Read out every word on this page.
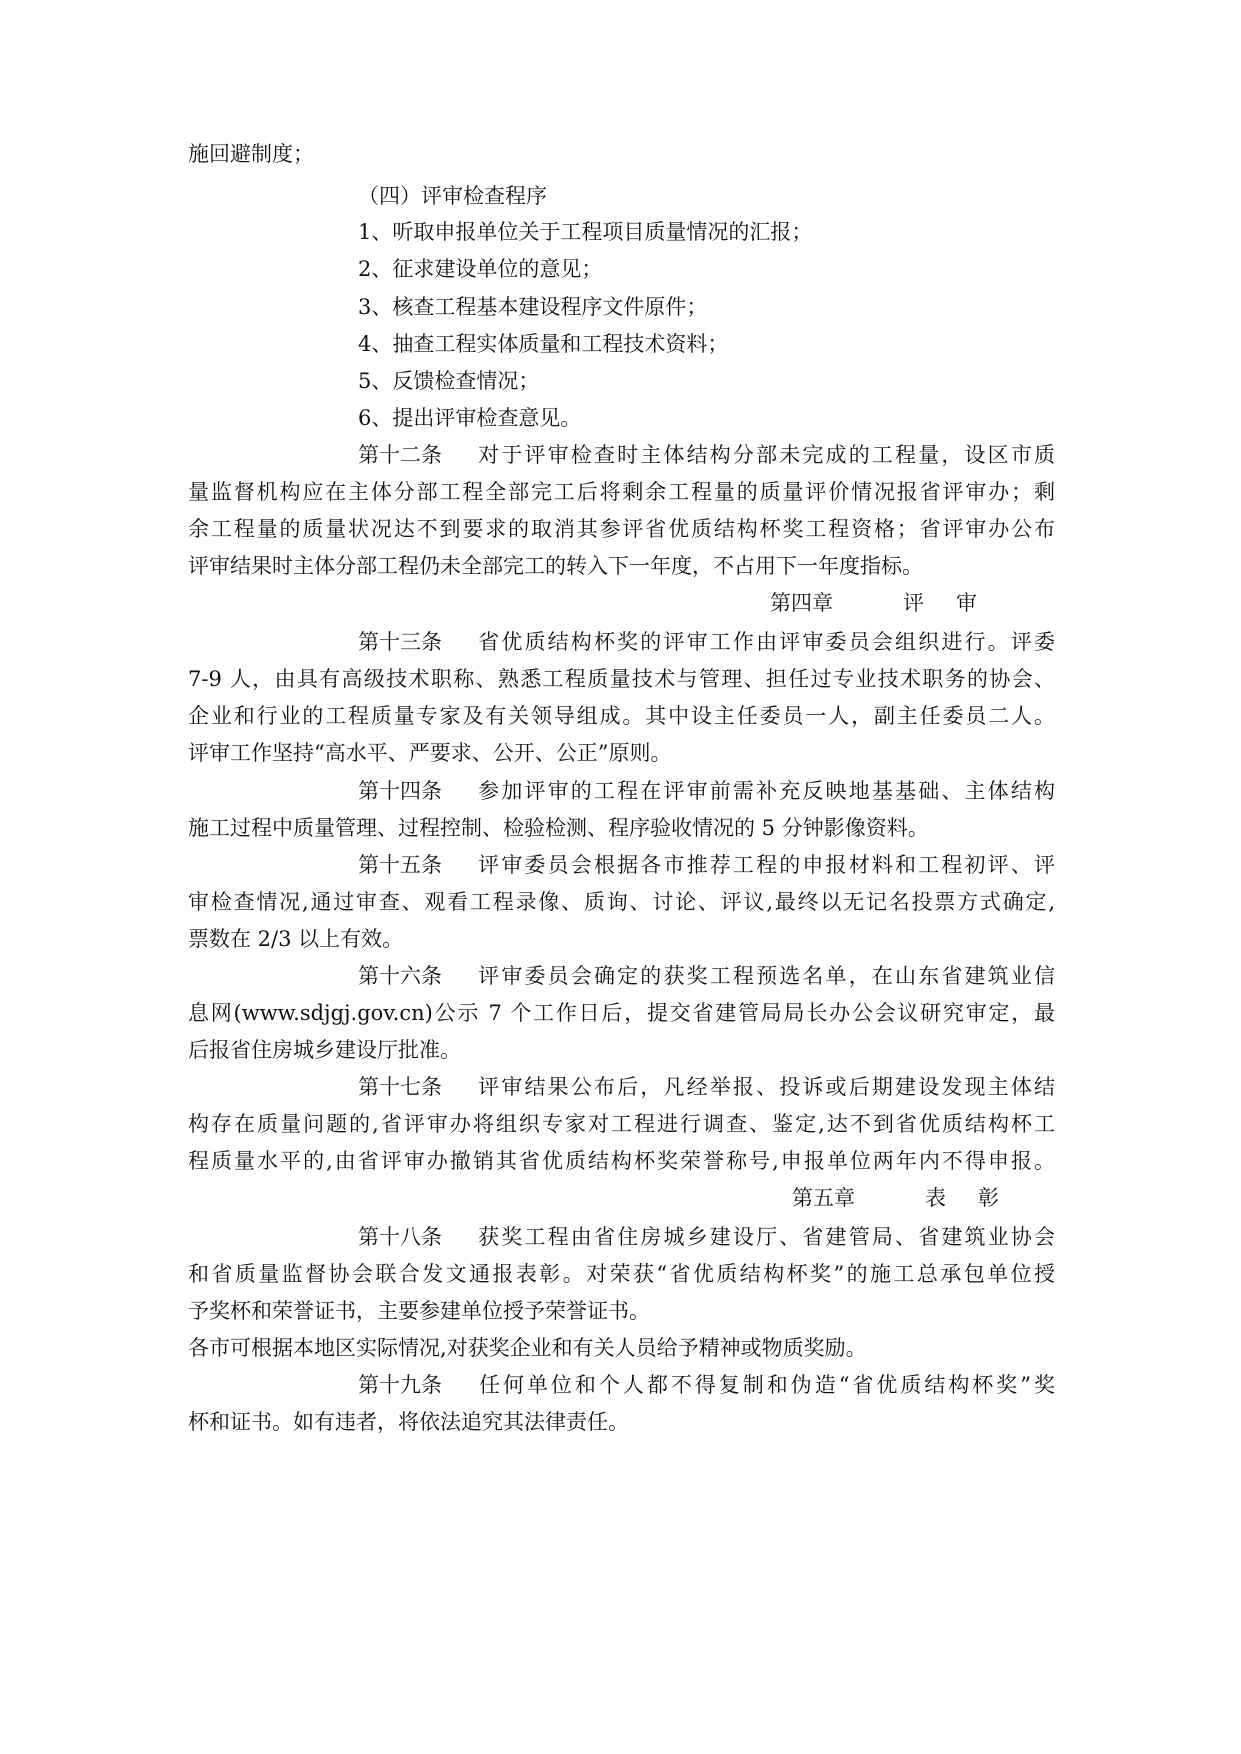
施回避制度；
（四）评审检查程序
1、听取申报单位关于工程项目质量情况的汇报；
2、征求建设单位的意见；
3、核查工程基本建设程序文件原件；
4、抽查工程实体质量和工程技术资料；
5、反馈检查情况；
6、提出评审检查意见。
第十二条 对于评审检查时主体结构分部未完成的工程量，设区市质
量监督机构应在主体分部工程全部完工后将剩余工程量的质量评价情况报省评审办；剩
余工程量的质量状况达不到要求的取消其参评省优质结构杯奖工程资格；省评审办公布
评审结果时主体分部工程仍未全部完工的转入下一年度，不占用下一年度指标。
第四章	评 审
第十三条 省优质结构杯奖的评审工作由评审委员会组织进行。评委
7-9 人，由具有高级技术职称、熟悉工程质量技术与管理、担任过专业技术职务的协会、
企业和行业的工程质量专家及有关领导组成。其中设主任委员一人，副主任委员二人。
评审工作坚持“高水平、严要求、公开、公正”原则。
第十四条 参加评审的工程在评审前需补充反映地基基础、主体结构
施工过程中质量管理、过程控制、检验检测、程序验收情况的 5 分钟影像资料。
第十五条 评审委员会根据各市推荐工程的申报材料和工程初评、评
审检查情况,通过审查、观看工程录像、质询、讨论、评议,最终以无记名投票方式确定,
票数在 2/3 以上有效。
第十六条 评审委员会确定的获奖工程预选名单，在山东省建筑业信
息网(www.sdjgj.gov.cn)公示 7 个工作日后，提交省建管局局长办公会议研究审定，最
后报省住房城乡建设厅批准。
第十七条 评审结果公布后，凡经举报、投诉或后期建设发现主体结
构存在质量问题的,省评审办将组织专家对工程进行调查、鉴定,达不到省优质结构杯工
程质量水平的,由省评审办撤销其省优质结构杯奖荣誉称号,申报单位两年内不得申报。
第五章	表 彰
第十八条 获奖工程由省住房城乡建设厅、省建管局、省建筑业协会
和省质量监督协会联合发文通报表彰。对荣获“省优质结构杯奖”的施工总承包单位授
予奖杯和荣誉证书，主要参建单位授予荣誉证书。
各市可根据本地区实际情况,对获奖企业和有关人员给予精神或物质奖励。
第十九条 任何单位和个人都不得复制和伪造“省优质结构杯奖”奖
杯和证书。如有违者，将依法追究其法律责任。
